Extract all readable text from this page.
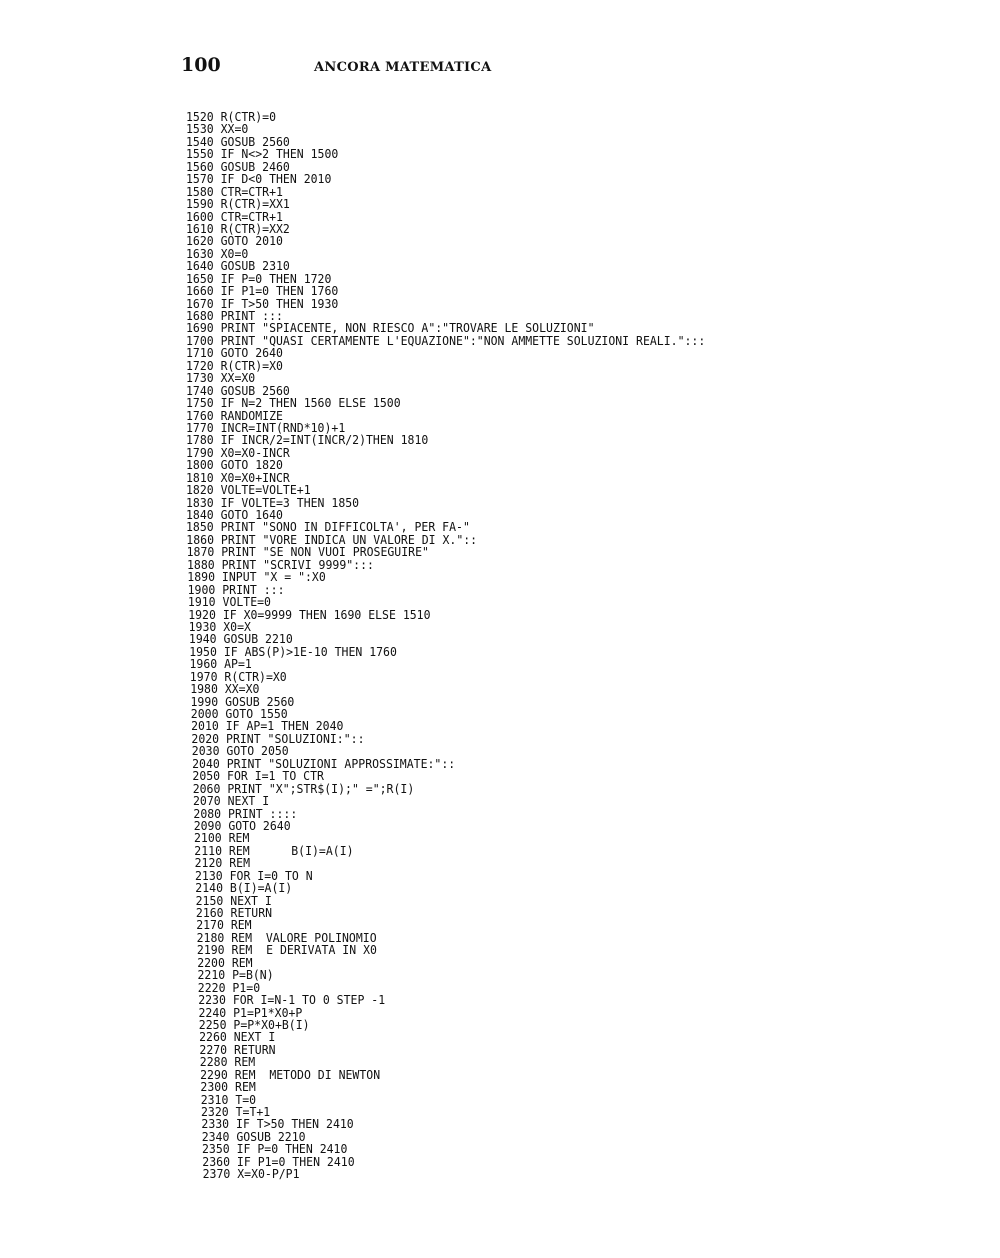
100	ANCORA MATEMATICA
1520 R(CTR)=0
1530 XX=0
1540 GOSUB 2560
1550 IF N<>2 THEN 1500
1560 GOSUB 2460
1570 IF D<0 THEN 2010
1580 CTR=CTR+1
1590 R(CTR)=XX1
1600 CTR=CTR+1
1610 R(CTR)=XX2
1620 GOTO 2010
1630 X0=0
1640 GOSUB 2310
1650 IF P=0 THEN 1720
1660 IF P1=0 THEN 1760
1670 IF T>50 THEN 1930
1680 PRINT :::
1690 PRINT "SPIACENTE, NON RIESCO A":"TROVARE LE SOLUZIONI"
1700 PRINT "QUASI CERTAMENTE L'EQUAZIONE":"NON AMMETTE SOLUZIONI REALI.":::
1710 GOTO 2640
1720 R(CTR)=X0
1730 XX=X0
1740 GOSUB 2560
1750 IF N=2 THEN 1560 ELSE 1500
1760 RANDOMIZE
1770 INCR=INT(RND*10)+1
1780 IF INCR/2=INT(INCR/2)THEN 1810
1790 X0=X0-INCR
1800 GOTO 1820
1810 X0=X0+INCR
1820 VOLTE=VOLTE+1
1830 IF VOLTE=3 THEN 1850
1840 GOTO 1640
1850 PRINT "SONO IN DIFFICOLTA', PER FA-"
1860 PRINT "VORE INDICA UN VALORE DI X."::
1870 PRINT "SE NON VUOI PROSEGUIRE"
1880 PRINT "SCRIVI 9999":::
1890 INPUT "X = ":X0
1900 PRINT :::
1910 VOLTE=0
1920 IF X0=9999 THEN 1690 ELSE 1510
1930 X0=X
1940 GOSUB 2210
1950 IF ABS(P)>1E-10 THEN 1760
1960 AP=1
1970 R(CTR)=X0
1980 XX=X0
1990 GOSUB 2560
2000 GOTO 1550
2010 IF AP=1 THEN 2040
2020 PRINT "SOLUZIONI:"::
2030 GOTO 2050
2040 PRINT "SOLUZIONI APPROSSIMATE:"::
2050 FOR I=1 TO CTR
2060 PRINT "X";STR$(I);" =";R(I)
2070 NEXT I
2080 PRINT ::::
2090 GOTO 2640
2100 REM
2110 REM      B(I)=A(I)
2120 REM
2130 FOR I=0 TO N
2140 B(I)=A(I)
2150 NEXT I
2160 RETURN
2170 REM
2180 REM  VALORE POLINOMIO
2190 REM  E DERIVATA IN X0
2200 REM
2210 P=B(N)
2220 P1=0
2230 FOR I=N-1 TO 0 STEP -1
2240 P1=P1*X0+P
2250 P=P*X0+B(I)
2260 NEXT I
2270 RETURN
2280 REM
2290 REM  METODO DI NEWTON
2300 REM
2310 T=0
2320 T=T+1
2330 IF T>50 THEN 2410
2340 GOSUB 2210
2350 IF P=0 THEN 2410
2360 IF P1=0 THEN 2410
2370 X=X0-P/P1
